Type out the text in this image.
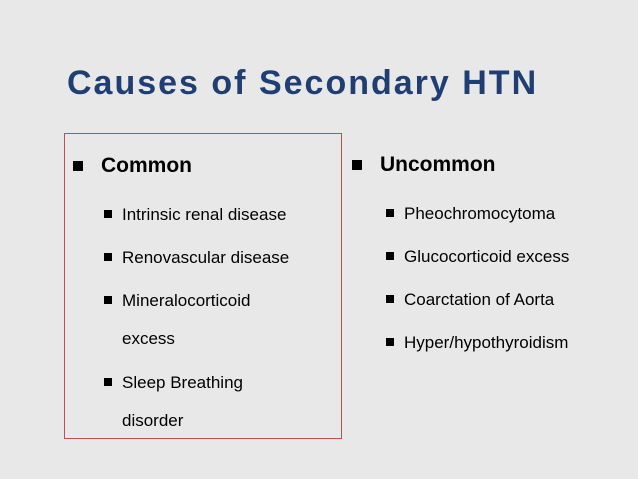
Causes of Secondary HTN
Common
Intrinsic renal disease
Renovascular disease
Mineralocorticoid excess
Sleep Breathing disorder
Uncommon
Pheochromocytoma
Glucocorticoid excess
Coarctation of Aorta
Hyper/hypothyroidism
